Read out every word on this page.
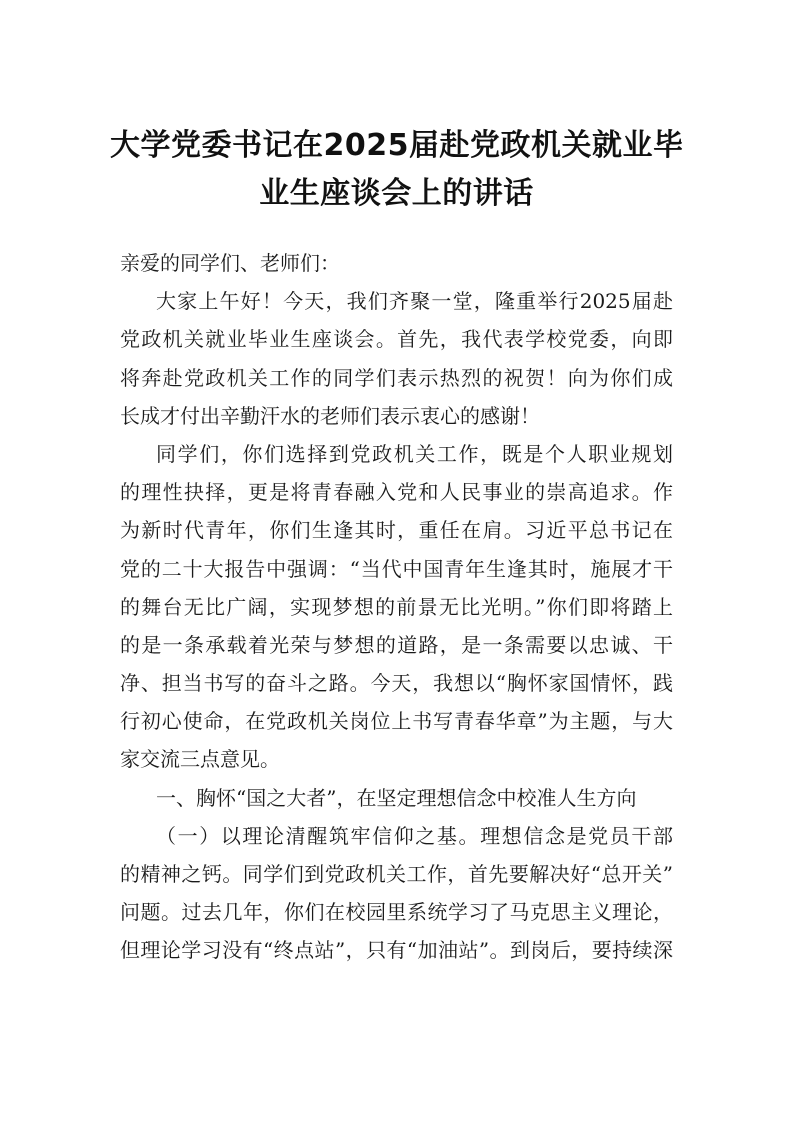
大学党委书记在2025届赴党政机关就业毕
业生座谈会上的讲话
亲爱的同学们、老师们：
大家上午好！今天，我们齐聚一堂，隆重举行2025届赴
党政机关就业毕业生座谈会。首先，我代表学校党委，向即
将奔赴党政机关工作的同学们表示热烈的祝贺！向为你们成
长成才付出辛勤汗水的老师们表示衷心的感谢！
同学们，你们选择到党政机关工作，既是个人职业规划
的理性抉择，更是将青春融入党和人民事业的崇高追求。作
为新时代青年，你们生逢其时，重任在肩。习近平总书记在
党的二十大报告中强调：“当代中国青年生逢其时，施展才干
的舞台无比广阔，实现梦想的前景无比光明。”你们即将踏上
的是一条承载着光荣与梦想的道路，是一条需要以忠诚、干
净、担当书写的奋斗之路。今天，我想以“胸怀家国情怀，践
行初心使命，在党政机关岗位上书写青春华章”为主题，与大
家交流三点意见。
一、胸怀“国之大者”，在坚定理想信念中校准人生方向
（一）以理论清醒筑牢信仰之基。理想信念是党员干部
的精神之钙。同学们到党政机关工作，首先要解决好“总开关”
问题。过去几年，你们在校园里系统学习了马克思主义理论，
但理论学习没有“终点站”，只有“加油站”。到岗后，要持续深
